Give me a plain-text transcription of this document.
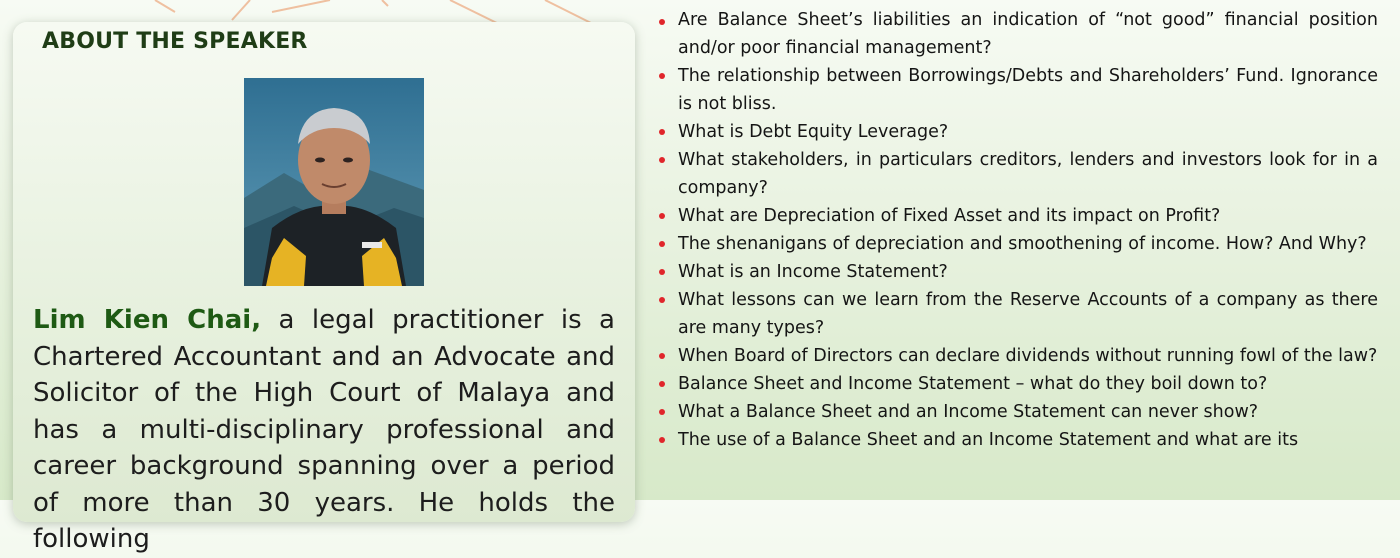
ABOUT THE SPEAKER

Lim Kien Chai, a legal practitioner is a Chartered Accountant and an Advocate and Solicitor of the High Court of Malaya and has a multi-disciplinary professional and career background spanning over a period of more than 30 years. He holds the following

Are Balance Sheet’s liabilities an indication of “not good” financial position and/or poor financial management?
The relationship between Borrowings/Debts and Shareholders’ Fund. Ignorance is not bliss.
What is Debt Equity Leverage?
What stakeholders, in particulars creditors, lenders and investors look for in a company?
What are Depreciation of Fixed Asset and its impact on Profit?
The shenanigans of depreciation and smoothening of income. How? And Why?
What is an Income Statement?
What lessons can we learn from the Reserve Accounts of a company as there are many types?
When Board of Directors can declare dividends without running fowl of the law?
Balance Sheet and Income Statement – what do they boil down to?
What a Balance Sheet and an Income Statement can never show?
The use of a Balance Sheet and an Income Statement and what are its
